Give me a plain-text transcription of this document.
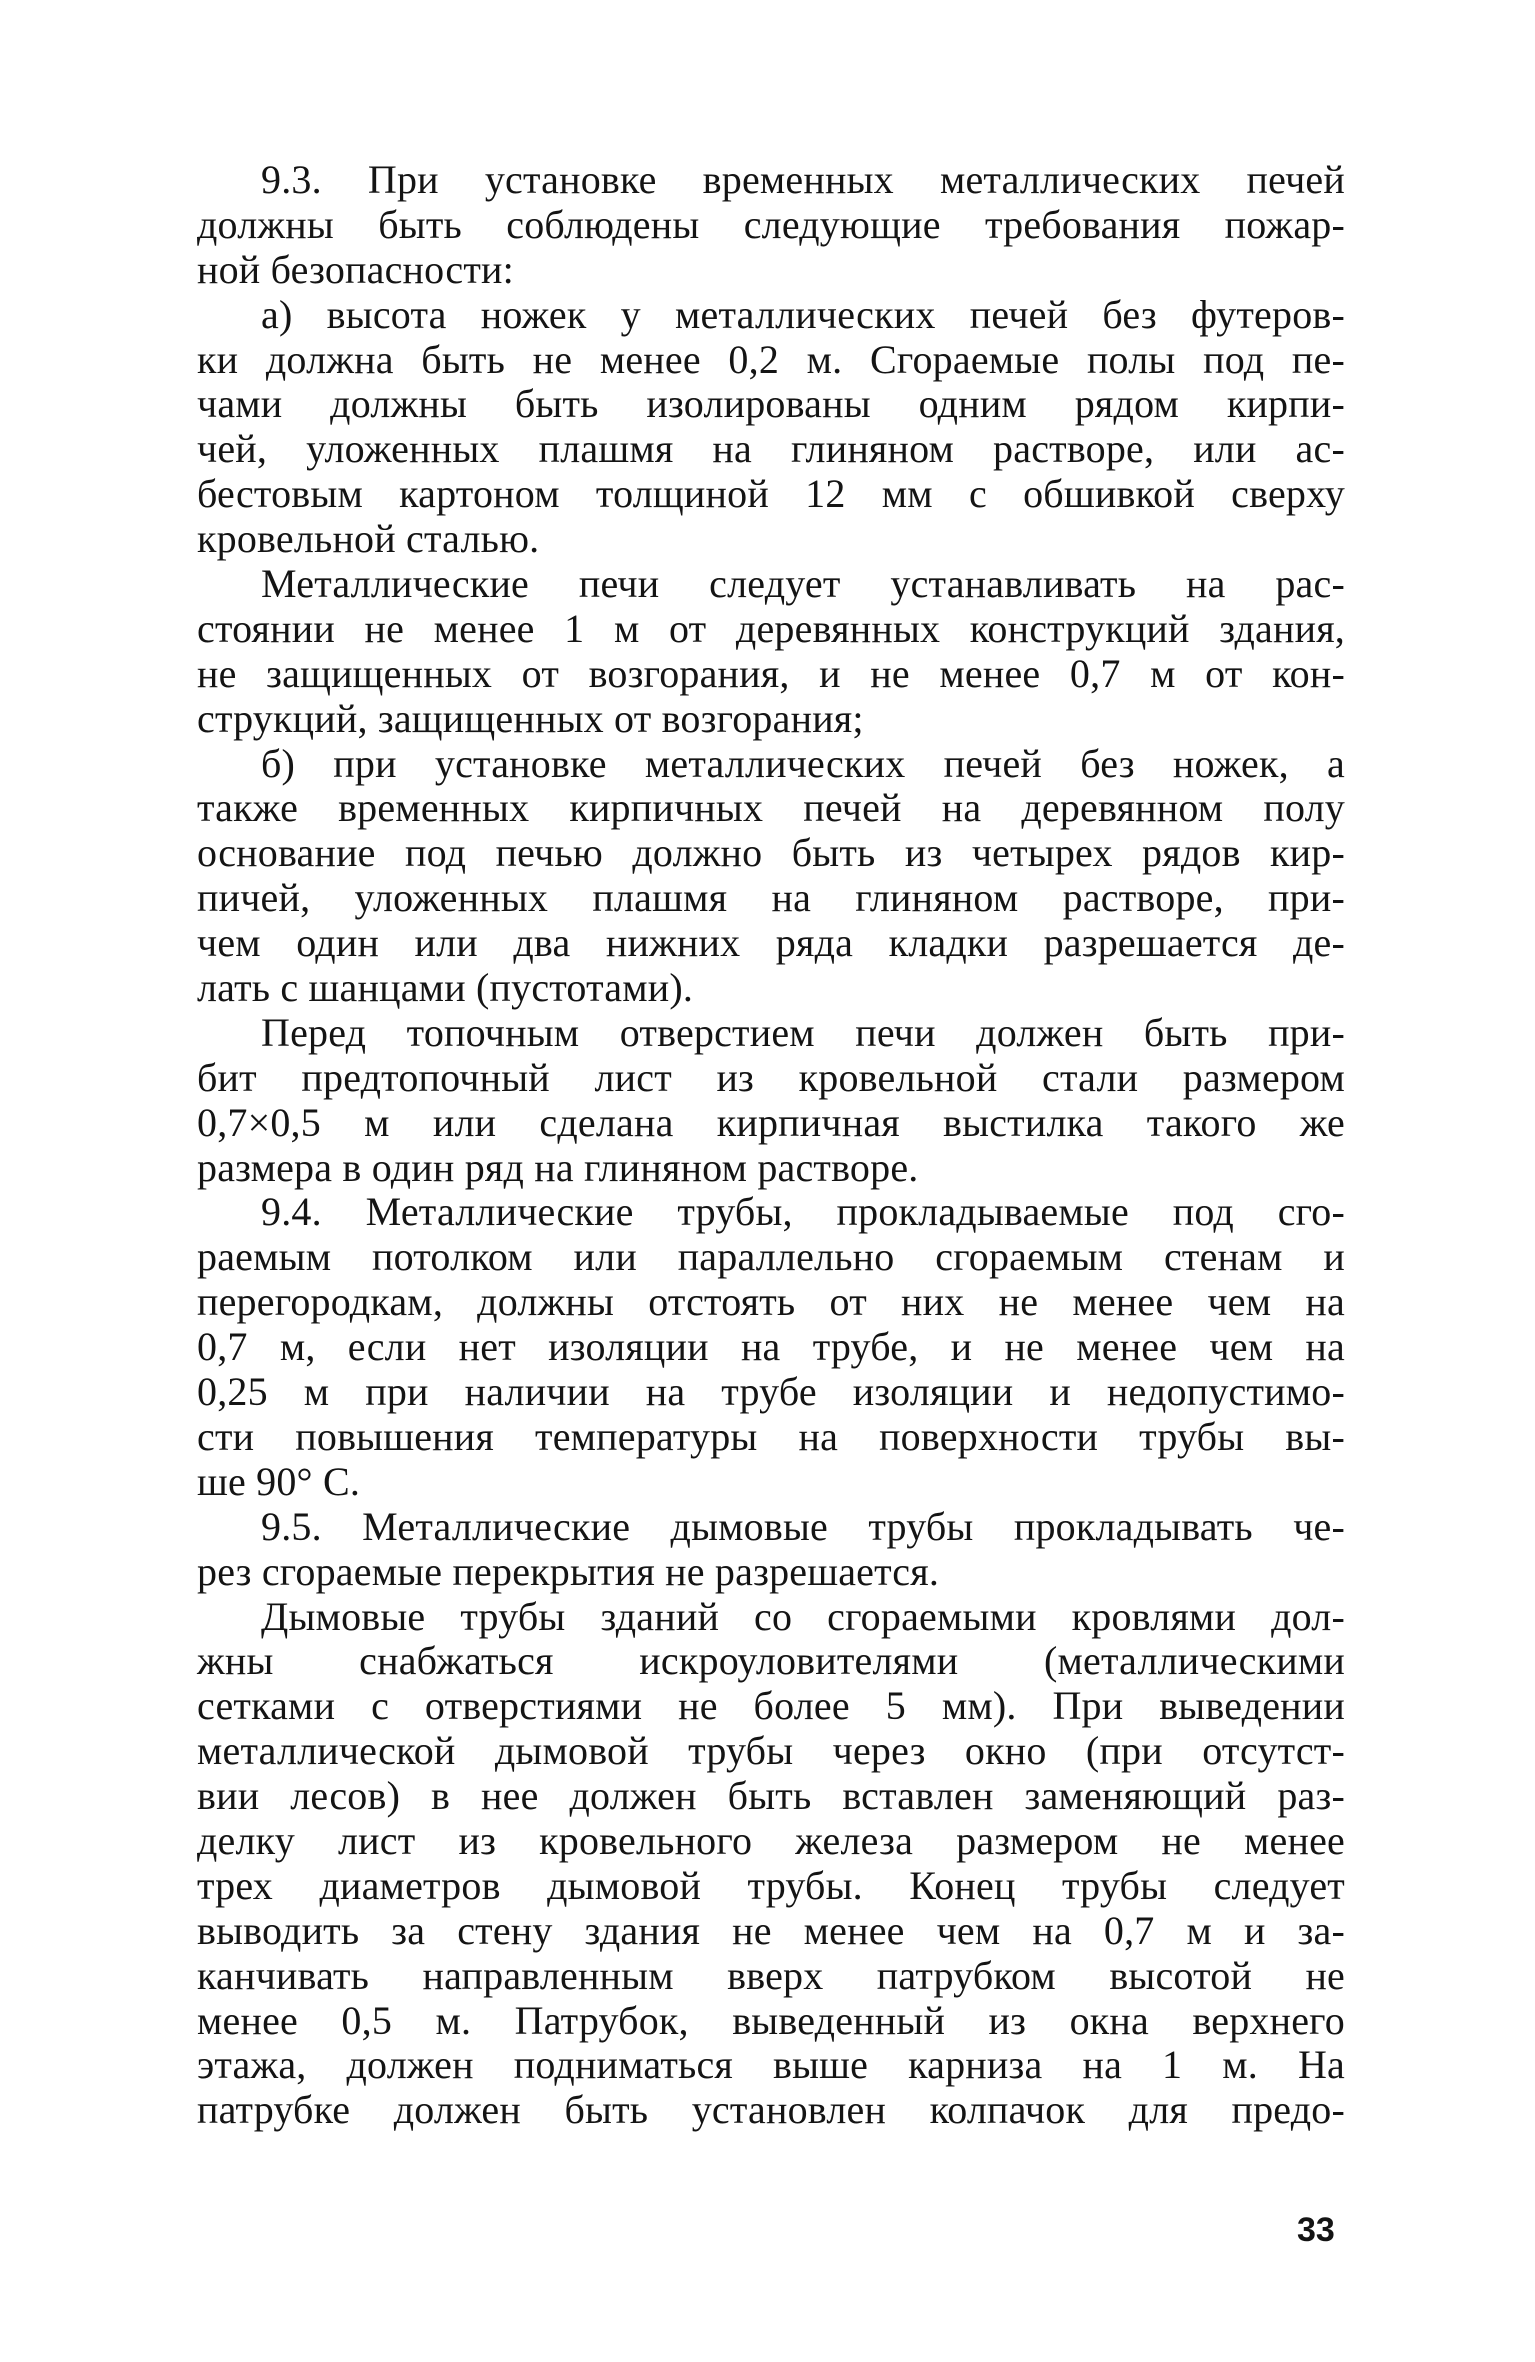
9.3. При установке временных металлических печей
должны быть соблюдены следующие требования пожар-
ной безопасности:
а) высота ножек у металлических печей без футеров-
ки должна быть не менее 0,2 м. Сгораемые полы под пе-
чами должны быть изолированы одним рядом кирпи-
чей, уложенных плашмя на глиняном растворе, или ас-
бестовым картоном толщиной 12 мм с обшивкой сверху
кровельной сталью.
Металлические печи следует устанавливать на рас-
стоянии не менее 1 м от деревянных конструкций здания,
не защищенных от возгорания, и не менее 0,7 м от кон-
струкций, защищенных от возгорания;
б) при установке металлических печей без ножек, а
также временных кирпичных печей на деревянном полу
основание под печью должно быть из четырех рядов кир-
пичей, уложенных плашмя на глиняном растворе, при-
чем один или два нижних ряда кладки разрешается де-
лать с шанцами (пустотами).
Перед топочным отверстием печи должен быть при-
бит предтопочный лист из кровельной стали размером
0,7×0,5 м или сделана кирпичная выстилка такого же
размера в один ряд на глиняном растворе.
9.4. Металлические трубы, прокладываемые под сго-
раемым потолком или параллельно сгораемым стенам и
перегородкам, должны отстоять от них не менее чем на
0,7 м, если нет изоляции на трубе, и не менее чем на
0,25 м при наличии на трубе изоляции и недопустимо-
сти повышения температуры на поверхности трубы вы-
ше 90° С.
9.5. Металлические дымовые трубы прокладывать че-
рез сгораемые перекрытия не разрешается.
Дымовые трубы зданий со сгораемыми кровлями дол-
жны снабжаться искроуловителями (металлическими
сетками с отверстиями не более 5 мм). При выведении
металлической дымовой трубы через окно (при отсутст-
вии лесов) в нее должен быть вставлен заменяющий раз-
делку лист из кровельного железа размером не менее
трех диаметров дымовой трубы. Конец трубы следует
выводить за стену здания не менее чем на 0,7 м и за-
канчивать направленным вверх патрубком высотой не
менее 0,5 м. Патрубок, выведенный из окна верхнего
этажа, должен подниматься выше карниза на 1 м. На
патрубке должен быть установлен колпачок для предо-
33
